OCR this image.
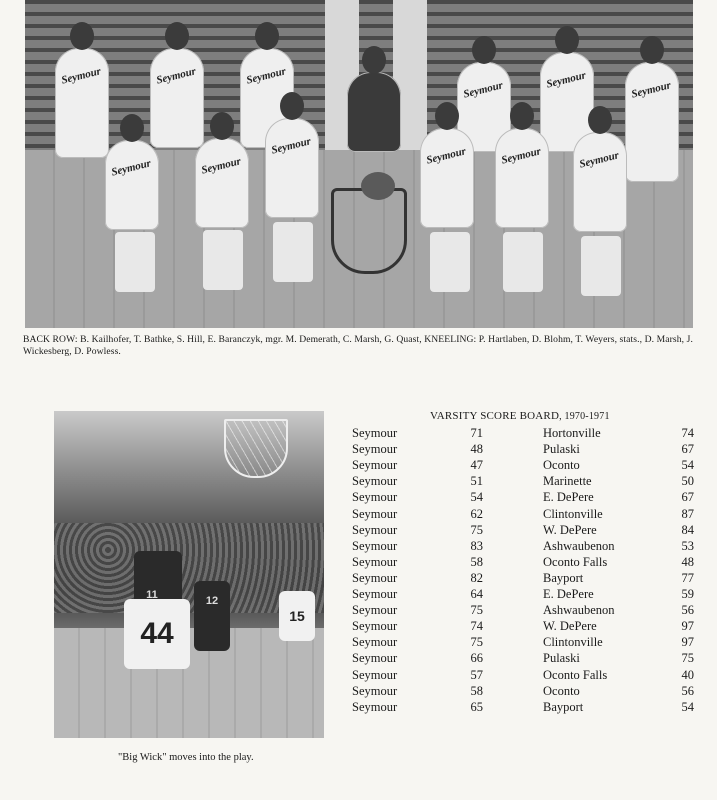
Seymour	Seymour	Seymour
Seymour	Seymour	Seymour
Seymour	Seymour
Seymour	Seymour	Seymour	Seymour
BACK ROW: B. Kailhofer, T. Bathke, S. Hill, E. Baranczyk, mgr. M. Demerath, C. Marsh, G. Quast, KNEELING: P. Hartlaben, D. Blohm, T. Weyers, stats., D. Marsh, J. Wickesberg, D. Powless.
44
15
12
11
"Big Wick" moves into the play.
VARSITY SCORE BOARD, 1970-1971
Seymour	71	Hortonville	74
Seymour	48	Pulaski	67
Seymour	47	Oconto	54
Seymour	51	Marinette	50
Seymour	54	E. DePere	67
Seymour	62	Clintonville	87
Seymour	75	W. DePere	84
Seymour	83	Ashwaubenon	53
Seymour	58	Oconto Falls	48
Seymour	82	Bayport	77
Seymour	64	E. DePere	59
Seymour	75	Ashwaubenon	56
Seymour	74	W. DePere	97
Seymour	75	Clintonville	97
Seymour	66	Pulaski	75
Seymour	57	Oconto Falls	40
Seymour	58	Oconto	56
Seymour	65	Bayport	54
